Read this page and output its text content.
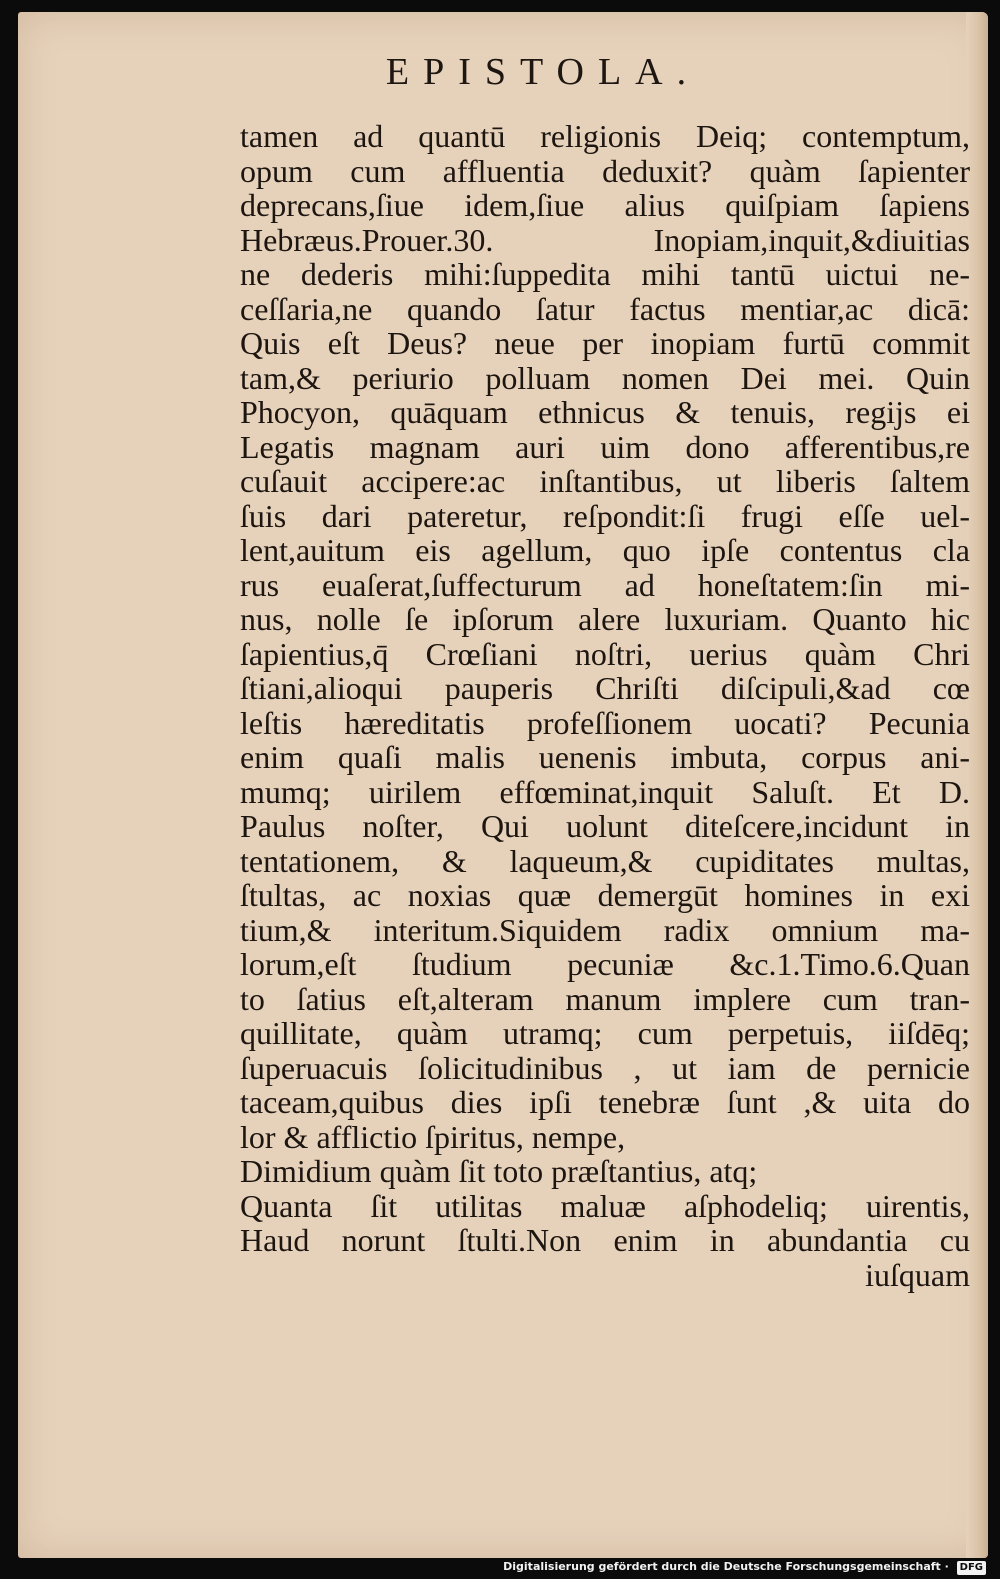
EPISTOLA.
tamen ad quantū religionis Deiq; contemptum,
opum cum affluentia deduxit? quàm ſapienter
deprecans,ſiue idem,ſiue alius quiſpiam ſapiens
Hebræus.Prouer.30. Inopiam,inquit,&diuitias
ne dederis mihi:ſuppedita mihi tantū uictui ne-
ceſſaria,ne quando ſatur factus mentiar,ac dicā:
Quis eſt Deus? neue per inopiam furtū commit
tam,& periurio polluam nomen Dei mei. Quin
Phocyon, quāquam ethnicus & tenuis, regijs ei
Legatis magnam auri uim dono afferentibus,re
cuſauit accipere:ac inſtantibus, ut liberis ſaltem
ſuis dari pateretur, reſpondit:ſi frugi eſſe uel-
lent,auitum eis agellum, quo ipſe contentus cla
rus euaſerat,ſuffecturum ad honeſtatem:ſin mi-
nus, nolle ſe ipſorum alere luxuriam. Quanto hic
ſapientius,q̄ Crœſiani noſtri, uerius quàm Chri
ſtiani,alioqui pauperis Chriſti diſcipuli,&ad cœ
leſtis hæreditatis profeſſionem uocati? Pecunia
enim quaſi malis uenenis imbuta, corpus ani-
mumq; uirilem effœminat,inquit Saluſt. Et D.
Paulus noſter, Qui uolunt diteſcere,incidunt in
tentationem, & laqueum,& cupiditates multas,
ſtultas, ac noxias quæ demergūt homines in exi
tium,& interitum.Siquidem radix omnium ma-
lorum,eſt ſtudium pecuniæ &c.1.Timo.6.Quan
to ſatius eſt,alteram manum implere cum tran-
quillitate, quàm utramq; cum perpetuis, iiſdēq;
ſuperuacuis ſolicitudinibus , ut iam de pernicie
taceam,quibus dies ipſi tenebræ ſunt ,& uita do
lor & afflictio ſpiritus, nempe,
Dimidium quàm ſit toto præſtantius, atq;
Quanta ſit utilitas maluæ aſphodeliq; uirentis,
Haud norunt ſtulti.Non enim in abundantia cu
iuſquam
Digitalisierung gefördert durch die Deutsche Forschungsgemeinschaft · DFG
